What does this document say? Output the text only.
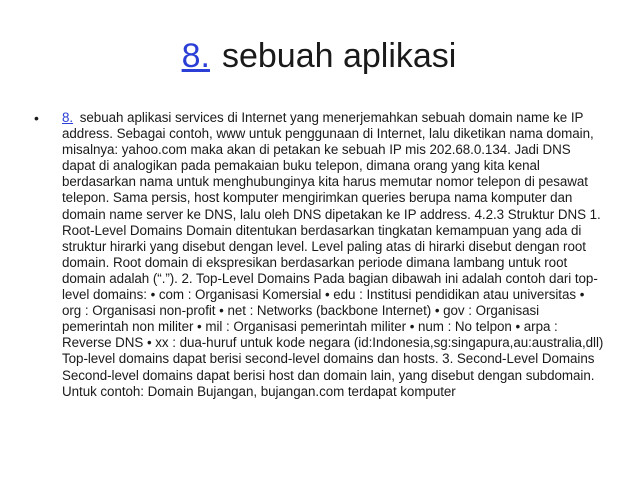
8. sebuah aplikasi
• 8. sebuah aplikasi services di Internet yang menerjemahkan sebuah domain name ke IP address. Sebagai contoh, www untuk penggunaan di Internet, lalu diketikan nama domain, misalnya: yahoo.com maka akan di petakan ke sebuah IP mis 202.68.0.134. Jadi DNS dapat di analogikan pada pemakaian buku telepon, dimana orang yang kita kenal berdasarkan nama untuk menghubunginya kita harus memutar nomor telepon di pesawat telepon. Sama persis, host komputer mengirimkan queries berupa nama komputer dan domain name server ke DNS, lalu oleh DNS dipetakan ke IP address. 4.2.3 Struktur DNS 1. Root-Level Domains Domain ditentukan berdasarkan tingkatan kemampuan yang ada di struktur hirarki yang disebut dengan level. Level paling atas di hirarki disebut dengan root domain. Root domain di ekspresikan berdasarkan periode dimana lambang untuk root domain adalah (“.”). 2. Top-Level Domains Pada bagian dibawah ini adalah contoh dari top-level domains: • com : Organisasi Komersial • edu : Institusi pendidikan atau universitas • org : Organisasi non-profit • net : Networks (backbone Internet) • gov : Organisasi pemerintah non militer • mil : Organisasi pemerintah militer • num : No telpon • arpa : Reverse DNS • xx : dua-huruf untuk kode negara (id:Indonesia,sg:singapura,au:australia,dll) Top-level domains dapat berisi second-level domains dan hosts. 3. Second-Level Domains Second-level domains dapat berisi host dan domain lain, yang disebut dengan subdomain. Untuk contoh: Domain Bujangan, bujangan.com terdapat komputer
